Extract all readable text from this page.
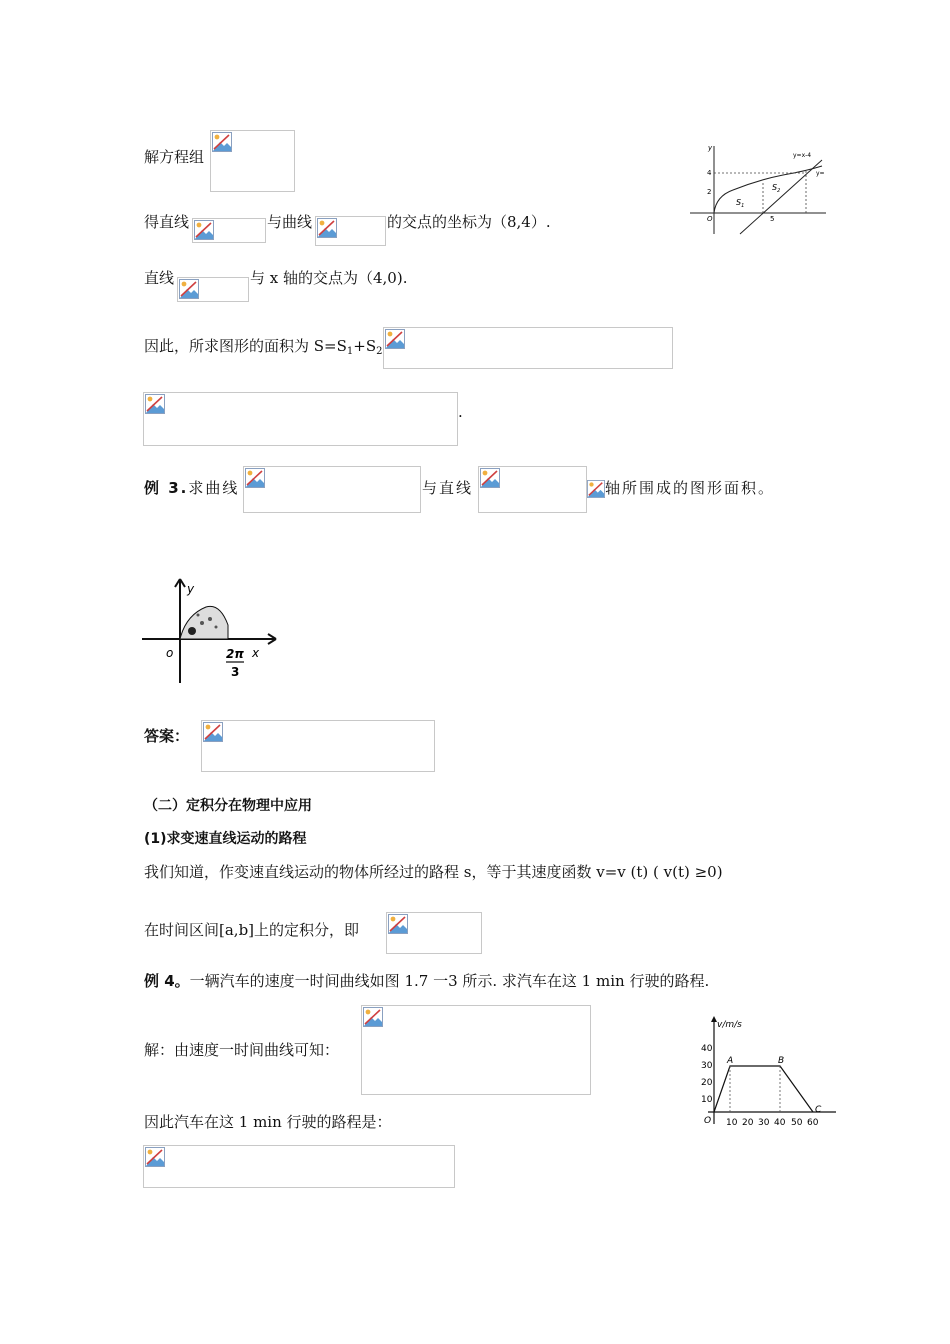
解方程组
得直线	与曲线	的交点的坐标为（8,4）.
y
4
2
O	5
$S_1$
$S_2$
y=x-4
y=
直线	与 x 轴的交点为（4,0).
因此，所求图形的面积为 $S=S_1+S_2$
.
例 3.求曲线	与直线	轴所围成的图形面积。
y
o	2π
3
x
答案：
（二）定积分在物理中应用
(1)求变速直线运动的路程
我们知道，作变速直线运动的物体所经过的路程 s，等于其速度函数 v=v (t) ( v(t) ≥0)
在时间区间[a,b]上的定积分，即
例 4。一辆汽车的速度一时间曲线如图 1.7 一3 所示. 求汽车在这 1 min 行驶的路程.
解：由速度一时间曲线可知：
因此汽车在这 1 min 行驶的路程是：
v/m/s
40
30
20
10
O 10 20 30 40 50 60
A	B
C
